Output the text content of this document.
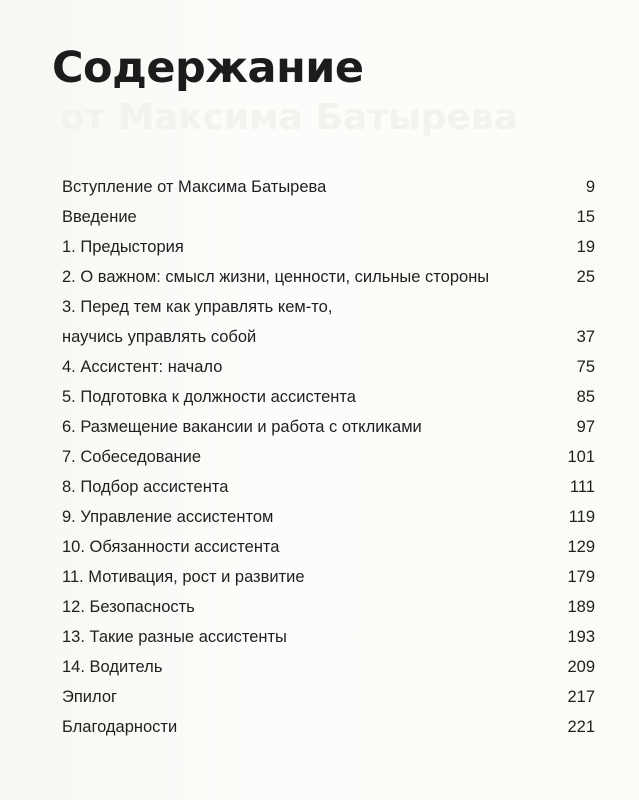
от Максима Батырева
Содержание
Вступление от Максима Батырева	9
Введение	15
1. Предыстория	19
2. О важном: смысл жизни, ценности, сильные стороны	25
3. Перед тем как управлять кем-то,
научись управлять собой	37
4. Ассистент: начало	75
5. Подготовка к должности ассистента	85
6. Размещение вакансии и работа с откликами	97
7. Собеседование	101
8. Подбор ассистента	111
9. Управление ассистентом	119
10. Обязанности ассистента	129
11. Мотивация, рост и развитие	179
12. Безопасность	189
13. Такие разные ассистенты	193
14. Водитель	209
Эпилог	217
Благодарности	221
